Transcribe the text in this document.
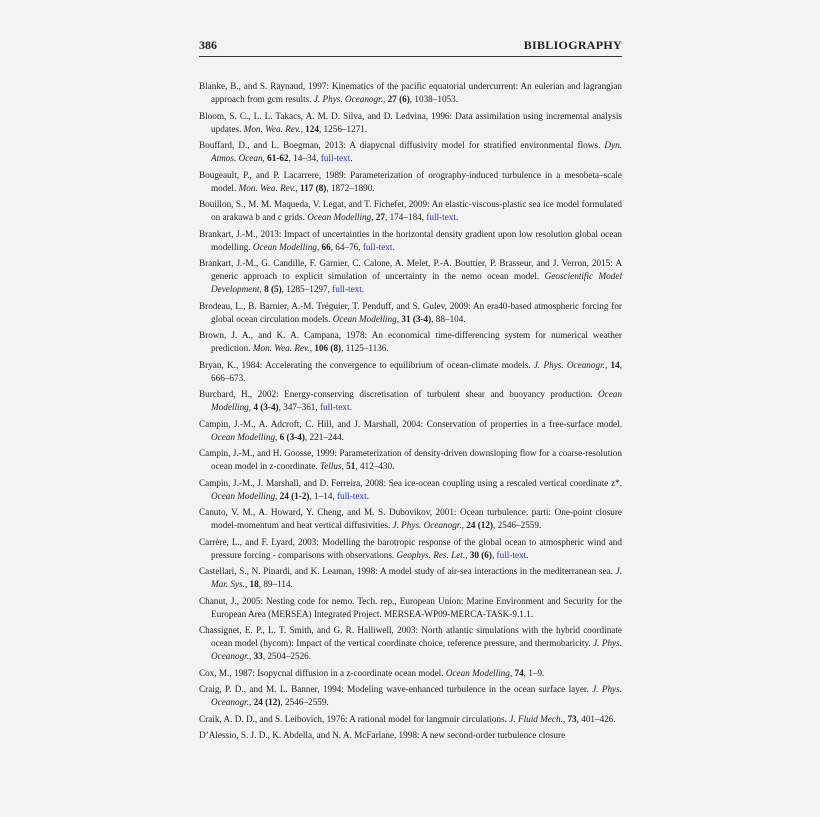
386	BIBLIOGRAPHY

Blanke, B., and S. Raynaud, 1997: Kinematics of the pacific equatorial undercurrent: An eulerian and lagrangian approach from gcm results. J. Phys. Oceanogr., 27 (6), 1038–1053.

Bloom, S. C., L. L. Takacs, A. M. D. Silva, and D. Ledvina, 1996: Data assimilation using incremental analysis updates. Mon. Wea. Rev., 124, 1256–1271.

Bouffard, D., and L. Boegman, 2013: A diapycnal diffusivity model for stratified environmental flows. Dyn. Atmos. Ocean, 61-62, 14–34, full-text.

Bougeault, P., and P. Lacarrere, 1989: Parameterization of orography-induced turbulence in a mesobeta–scale model. Mon. Wea. Rev., 117 (8), 1872–1890.

Bouillon, S., M. M. Maqueda, V. Legat, and T. Fichefet, 2009: An elastic-viscous-plastic sea ice model formulated on arakawa b and c grids. Ocean Modelling, 27, 174–184, full-text.

Brankart, J.-M., 2013: Impact of uncertainties in the horizontal density gradient upon low resolution global ocean modelling. Ocean Modelling, 66, 64–76, full-text.

Brankart, J.-M., G. Candille, F. Garnier, C. Calone, A. Melet, P.-A. Bouttier, P. Brasseur, and J. Verron, 2015: A generic approach to explicit simulation of uncertainty in the nemo ocean model. Geoscientific Model Development, 8 (5), 1285–1297, full-text.

Brodeau, L., B. Barnier, A.-M. Tréguier, T. Penduff, and S. Gulev, 2009: An era40-based atmospheric forcing for global ocean circulation models. Ocean Modelling, 31 (3-4), 88–104.

Brown, J. A., and K. A. Campana, 1978: An economical time-differencing system for numerical weather prediction. Mon. Wea. Rev., 106 (8), 1125–1136.

Bryan, K., 1984: Accelerating the convergence to equilibrium of ocean-climate models. J. Phys. Oceanogr., 14, 666–673.

Burchard, H., 2002: Energy-conserving discretisation of turbulent shear and buoyancy production. Ocean Modelling, 4 (3-4), 347–361, full-text.

Campin, J.-M., A. Adcroft, C. Hill, and J. Marshall, 2004: Conservation of properties in a free-surface model. Ocean Modelling, 6 (3-4), 221–244.

Campin, J.-M., and H. Goosse, 1999: Parameterization of density-driven downsloping flow for a coarse-resolution ocean model in z-coordinate. Tellus, 51, 412–430.

Campin, J.-M., J. Marshall, and D. Ferreira, 2008: Sea ice-ocean coupling using a rescaled vertical coordinate z*. Ocean Modelling, 24 (1-2), 1–14, full-text.

Canuto, V. M., A. Howard, Y. Cheng, and M. S. Dubovikov, 2001: Ocean turbulence. parti: One-point closure model-momentum and heat vertical diffusivities. J. Phys. Oceanogr., 24 (12), 2546–2559.

Carrère, L., and F. Lyard, 2003: Modelling the barotropic response of the global ocean to atmospheric wind and pressure forcing - comparisons with observations. Geophys. Res. Let., 30 (6), full-text.

Castellari, S., N. Pinardi, and K. Leaman, 1998: A model study of air-sea interactions in the mediterranean sea. J. Mar. Sys., 18, 89–114.

Chanut, J., 2005: Nesting code for nemo. Tech. rep., European Union: Marine Environment and Security for the European Area (MERSEA) Integrated Project. MERSEA-WP09-MERCA-TASK-9.1.1.

Chassignet, E. P., L. T. Smith, and G. R. Halliwell, 2003: North atlantic simulations with the hybrid coordinate ocean model (hycom): Impact of the vertical coordinate choice, reference pressure, and thermobaricity. J. Phys. Oceanogr., 33, 2504–2526.

Cox, M., 1987: Isopycnal diffusion in a z-coordinate ocean model. Ocean Modelling, 74, 1–9.

Craig, P. D., and M. L. Banner, 1994: Modeling wave-enhanced turbulence in the ocean surface layer. J. Phys. Oceanogr., 24 (12), 2546–2559.

Craik, A. D. D., and S. Leibovich, 1976: A rational model for langmuir circulations. J. Fluid Mech., 73, 401–426.

D’Alessio, S. J. D., K. Abdella, and N. A. McFarlane, 1998: A new second-order turbulence closure
